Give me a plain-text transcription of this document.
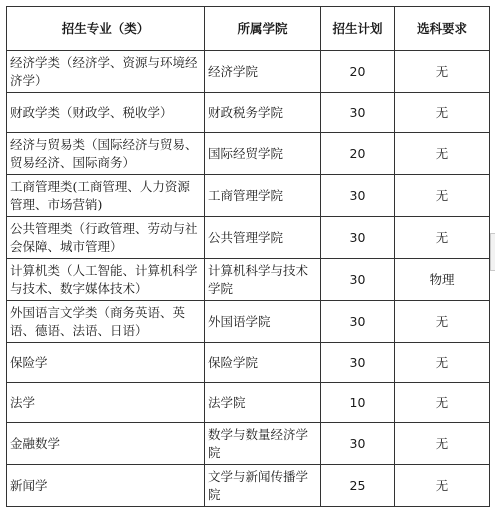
招生专业（类）	所属学院	招生计划	选科要求
经济学类（经济学、资源与环境经济学）	经济学院	20	无
财政学类（财政学、税收学）	财政税务学院	30	无
经济与贸易类（国际经济与贸易、贸易经济、国际商务）	国际经贸学院	20	无
工商管理类(工商管理、人力资源管理、市场营销)	工商管理学院	30	无
公共管理类（行政管理、劳动与社会保障、城市管理）	公共管理学院	30	无
计算机类（人工智能、计算机科学与技术、数字媒体技术）	计算机科学与技术学院	30	物理
外国语言文学类（商务英语、英语、德语、法语、日语）	外国语学院	30	无
保险学	保险学院	30	无
法学	法学院	10	无
金融数学	数学与数量经济学院	30	无
新闻学	文学与新闻传播学院	25	无
